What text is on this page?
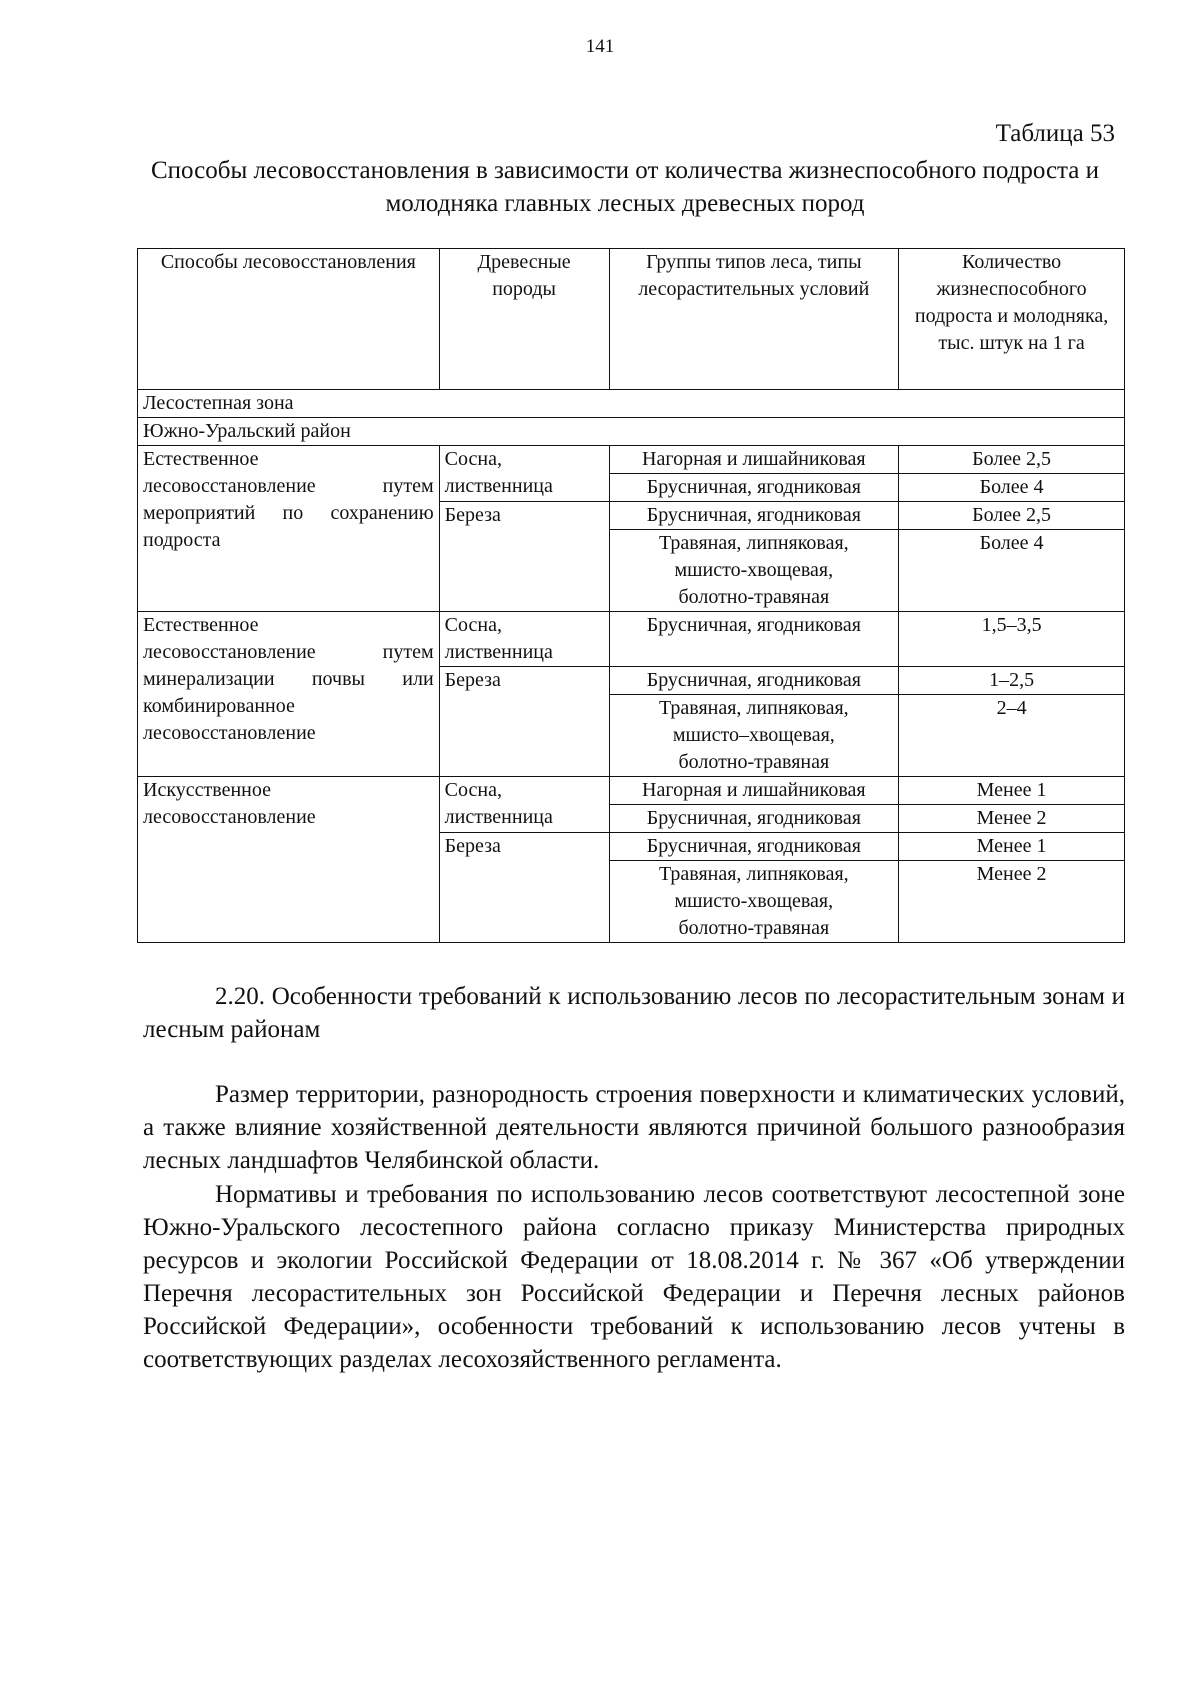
141
Таблица 53
Способы лесовосстановления в зависимости от количества жизнеспособного подроста и молодняка главных лесных древесных пород
Способы лесовосстановления	Древесные породы	Группы типов леса, типы лесорастительных условий	Количество жизнеспособного подроста и молодняка, тыс. штук на 1 га
Лесостепная зона			
Южно-Уральский район			
Естественное лесовосстановление путем мероприятий по сохранению подроста	Сосна, лиственница	Нагорная и лишайниковая	Более 2,5
		Брусничная, ягодниковая	Более 4
	Береза	Брусничная, ягодниковая	Более 2,5
		Травяная, липняковая, мшисто-хвощевая, болотно-травяная	Более 4
Естественное лесовосстановление путем минерализации почвы или комбинированное лесовосстановление	Сосна, лиственница	Брусничная, ягодниковая	1,5–3,5
	Береза	Брусничная, ягодниковая	1–2,5
		Травяная, липняковая, мшисто–хвощевая, болотно-травяная	2–4
Искусственное лесовосстановление	Сосна, лиственница	Нагорная и лишайниковая	Менее 1
		Брусничная, ягодниковая	Менее 2
	Береза	Брусничная, ягодниковая	Менее 1
		Травяная, липняковая, мшисто-хвощевая, болотно-травяная	Менее 2
2.20. Особенности требований к использованию лесов по лесорастительным зонам и лесным районам
Размер территории, разнородность строения поверхности и климатических условий, а также влияние хозяйственной деятельности являются причиной большого разнообразия лесных ландшафтов Челябинской области.
Нормативы и требования по использованию лесов соответствуют лесостепной зоне Южно-Уральского лесостепного района согласно приказу Министерства природных ресурсов и экологии Российской Федерации от 18.08.2014 г. № 367 «Об утверждении Перечня лесорастительных зон Российской Федерации и Перечня лесных районов Российской Федерации», особенности требований к использованию лесов учтены в соответствующих разделах лесохозяйственного регламента.
